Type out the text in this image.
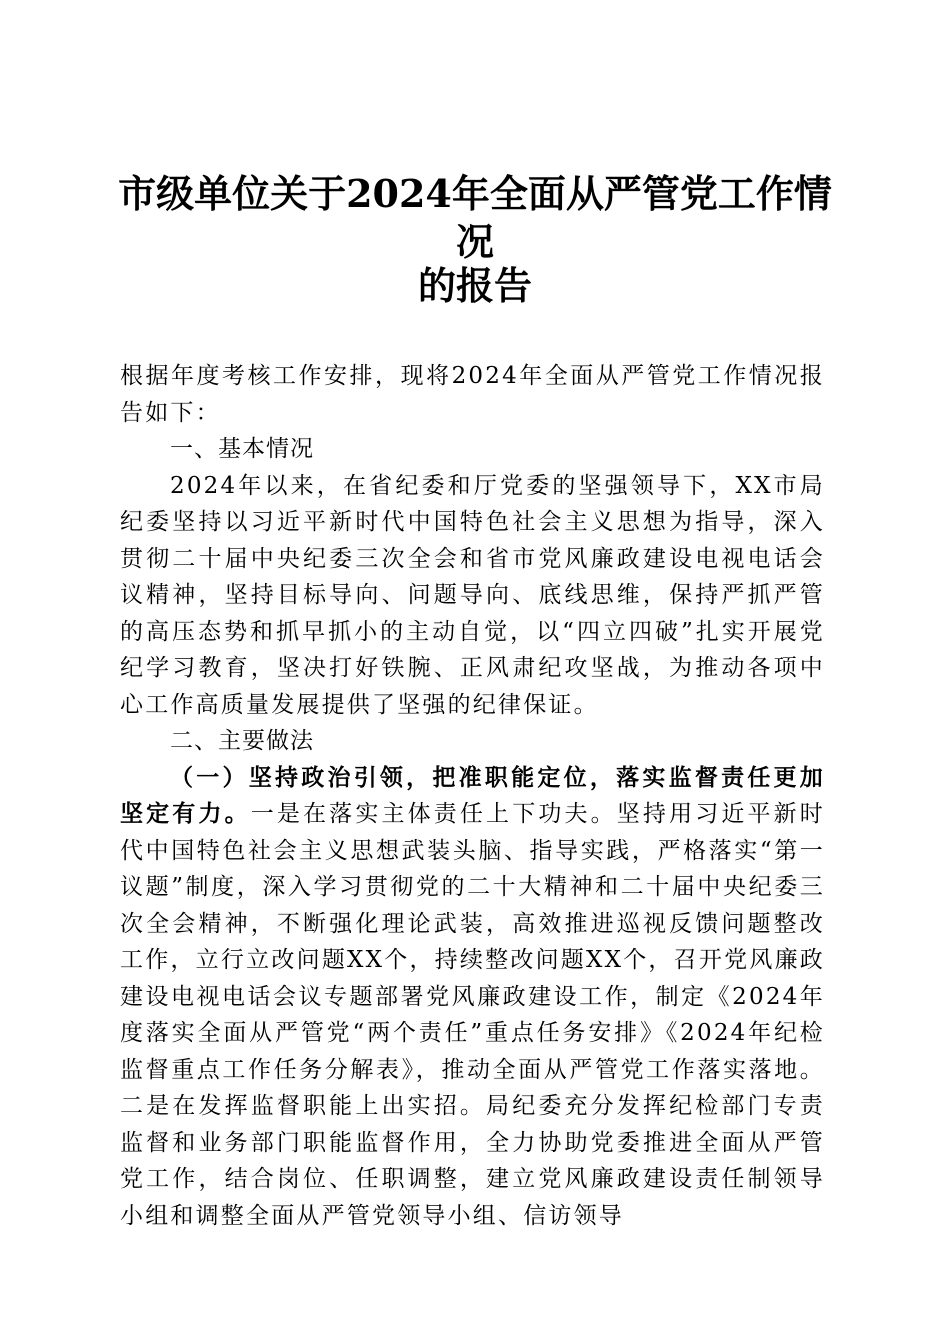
市级单位关于2024年全面从严管党工作情况
的报告

根据年度考核工作安排，现将2024年全面从严管党工作情况报告如下：

一、基本情况

2024年以来，在省纪委和厅党委的坚强领导下，XX市局纪委坚持以习近平新时代中国特色社会主义思想为指导，深入贯彻二十届中央纪委三次全会和省市党风廉政建设电视电话会议精神，坚持目标导向、问题导向、底线思维，保持严抓严管的高压态势和抓早抓小的主动自觉，以“四立四破”扎实开展党纪学习教育，坚决打好铁腕、正风肃纪攻坚战，为推动各项中心工作高质量发展提供了坚强的纪律保证。

二、主要做法

（一）坚持政治引领，把准职能定位，落实监督责任更加坚定有力。一是在落实主体责任上下功夫。坚持用习近平新时代中国特色社会主义思想武装头脑、指导实践，严格落实“第一议题”制度，深入学习贯彻党的二十大精神和二十届中央纪委三次全会精神，不断强化理论武装，高效推进巡视反馈问题整改工作，立行立改问题XX个，持续整改问题XX个，召开党风廉政建设电视电话会议专题部署党风廉政建设工作，制定《2024年度落实全面从严管党“两个责任”重点任务安排》《2024年纪检监督重点工作任务分解表》，推动全面从严管党工作落实落地。二是在发挥监督职能上出实招。局纪委充分发挥纪检部门专责监督和业务部门职能监督作用，全力协助党委推进全面从严管党工作，结合岗位、任职调整，建立党风廉政建设责任制领导小组和调整全面从严管党领导小组、信访领导
